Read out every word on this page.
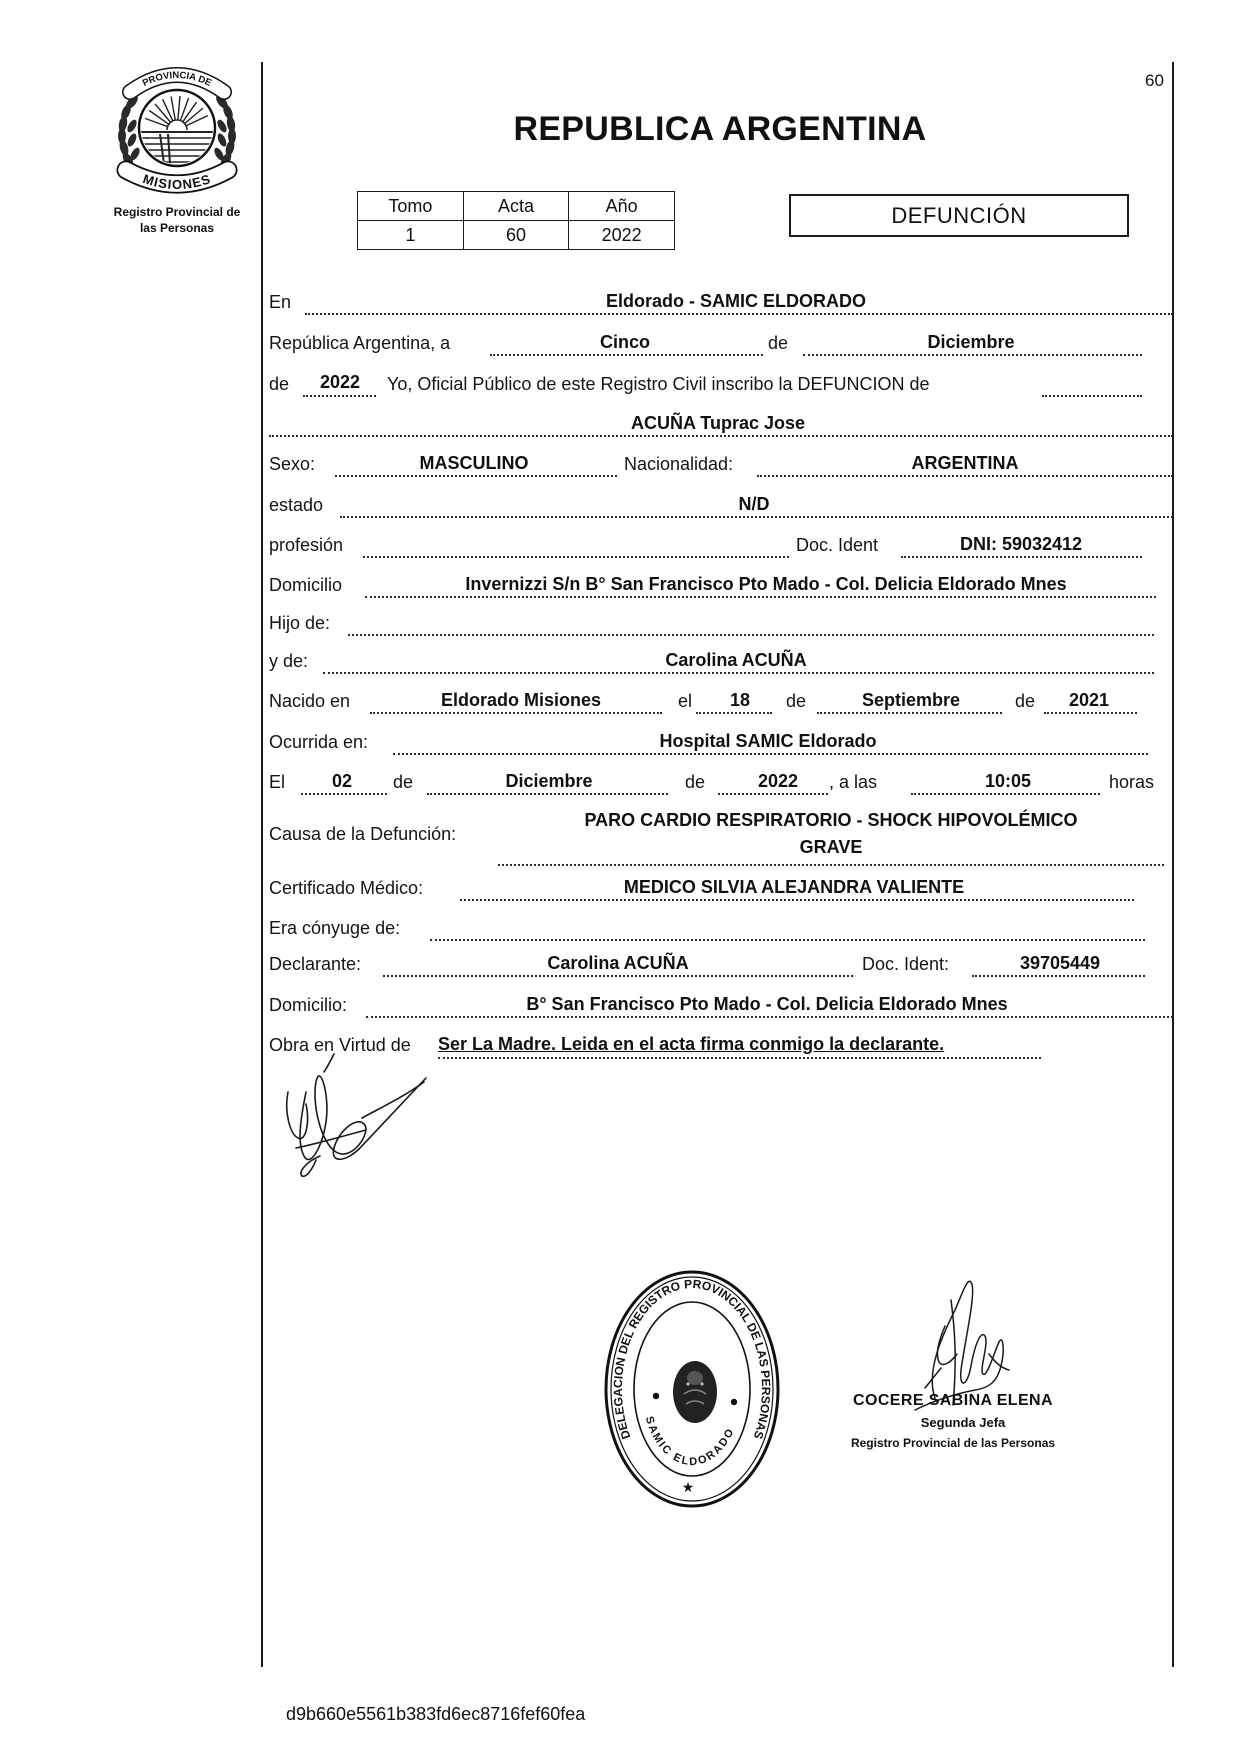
PROVINCIA DE
MISIONES
Registro Provincial de
las Personas
60
REPUBLICA ARGENTINA
Tomo	Acta	Año
1	60	2022
DEFUNCIÓN
En	Eldorado - SAMIC ELDORADO
República Argentina, a	Cinco	de	Diciembre
de 2022 Yo, Oficial Público de este Registro Civil inscribo la DEFUNCION de
ACUÑA Tuprac Jose
Sexo:	MASCULINO	Nacionalidad:	ARGENTINA
estado	N/D
profesión	Doc. Ident	DNI: 59032412
Domicilio	Invernizzi S/n B° San Francisco Pto Mado - Col. Delicia Eldorado Mnes
Hijo de:
y de:	Carolina ACUÑA
Nacido en	Eldorado Misiones	el 18 de	Septiembre	de 2021
Ocurrida en:	Hospital SAMIC Eldorado
El	02 de	Diciembre	de	2022 , a las	10:05	horas
Causa de la Defunción:
PARO CARDIO RESPIRATORIO - SHOCK HIPOVOLÉMICO
GRAVE
Certificado Médico:	MEDICO SILVIA ALEJANDRA VALIENTE
Era cónyuge de:
Declarante:	Carolina ACUÑA	Doc. Ident:	39705449
Domicilio:	B° San Francisco Pto Mado - Col. Delicia Eldorado Mnes
Obra en Virtud de Ser La Madre. Leida en el acta firma conmigo la declarante.
DELEGACION DEL REGISTRO PROVINCIAL DE LAS PERSONAS
SAMIC ELDORADO
★
COCERE SABINA ELENA
Segunda Jefa
Registro Provincial de las Personas
d9b660e5561b383fd6ec8716fef60fea
